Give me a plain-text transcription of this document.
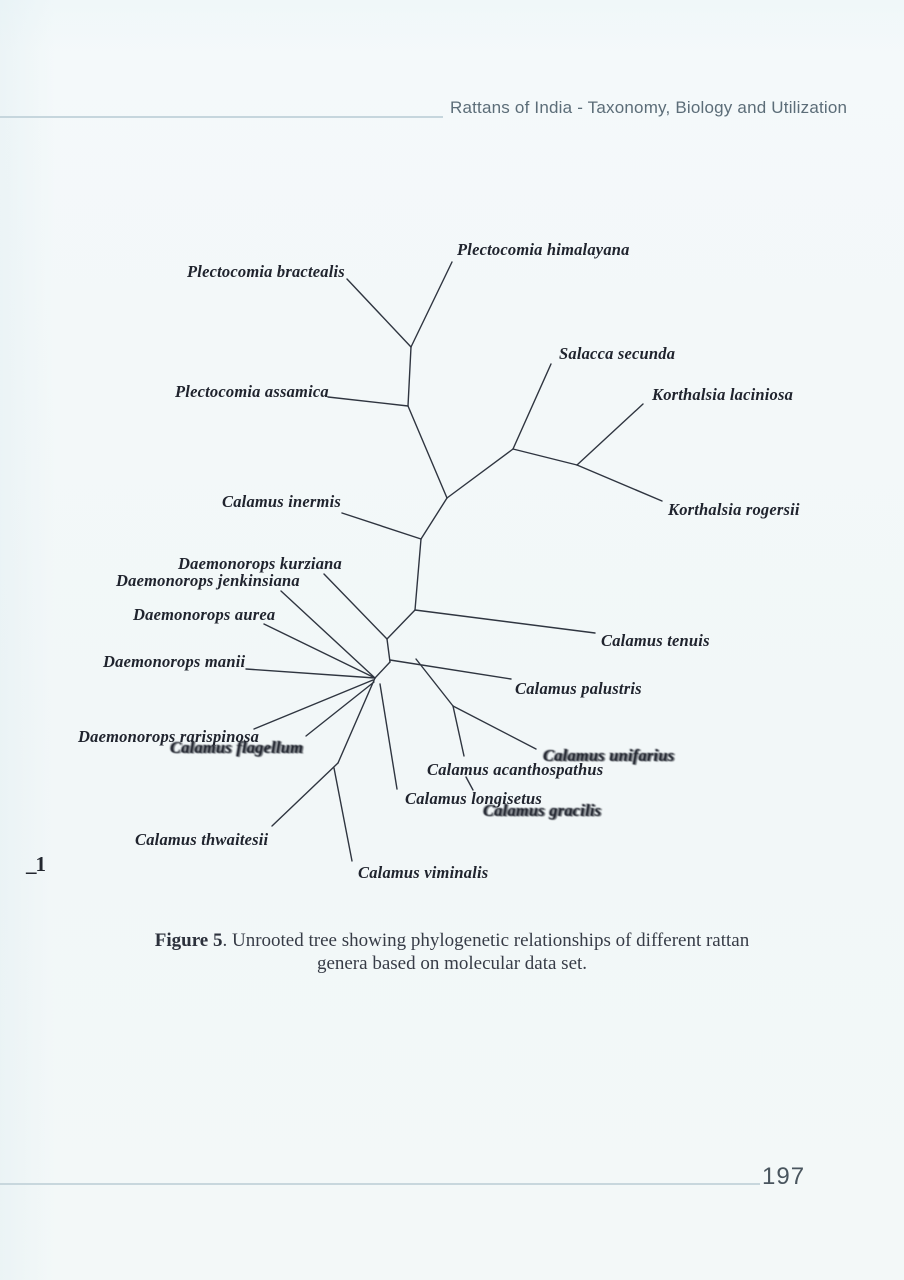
Rattans of India - Taxonomy, Biology and Utilization
Plectocomia himalayana
Plectocomia bractealis
Salacca secunda
Plectocomia assamica	Korthalsia laciniosa
Korthalsia rogersii
Calamus inermis
Daemonorops kurziana
Daemonorops jenkinsiana
Daemonorops aurea
Daemonorops manii
Calamus tenuis
Calamus palustris
Daemonorops rarispinosa
Calamus flagellum	Calamus unifarius
Calamus acanthospathus
Calamus longisetus
Calamus gracilis
Calamus thwaitesii
Calamus viminalis
_1
Figure 5. Unrooted tree showing phylogenetic relationships of different rattan
genera based on molecular data set.
197
